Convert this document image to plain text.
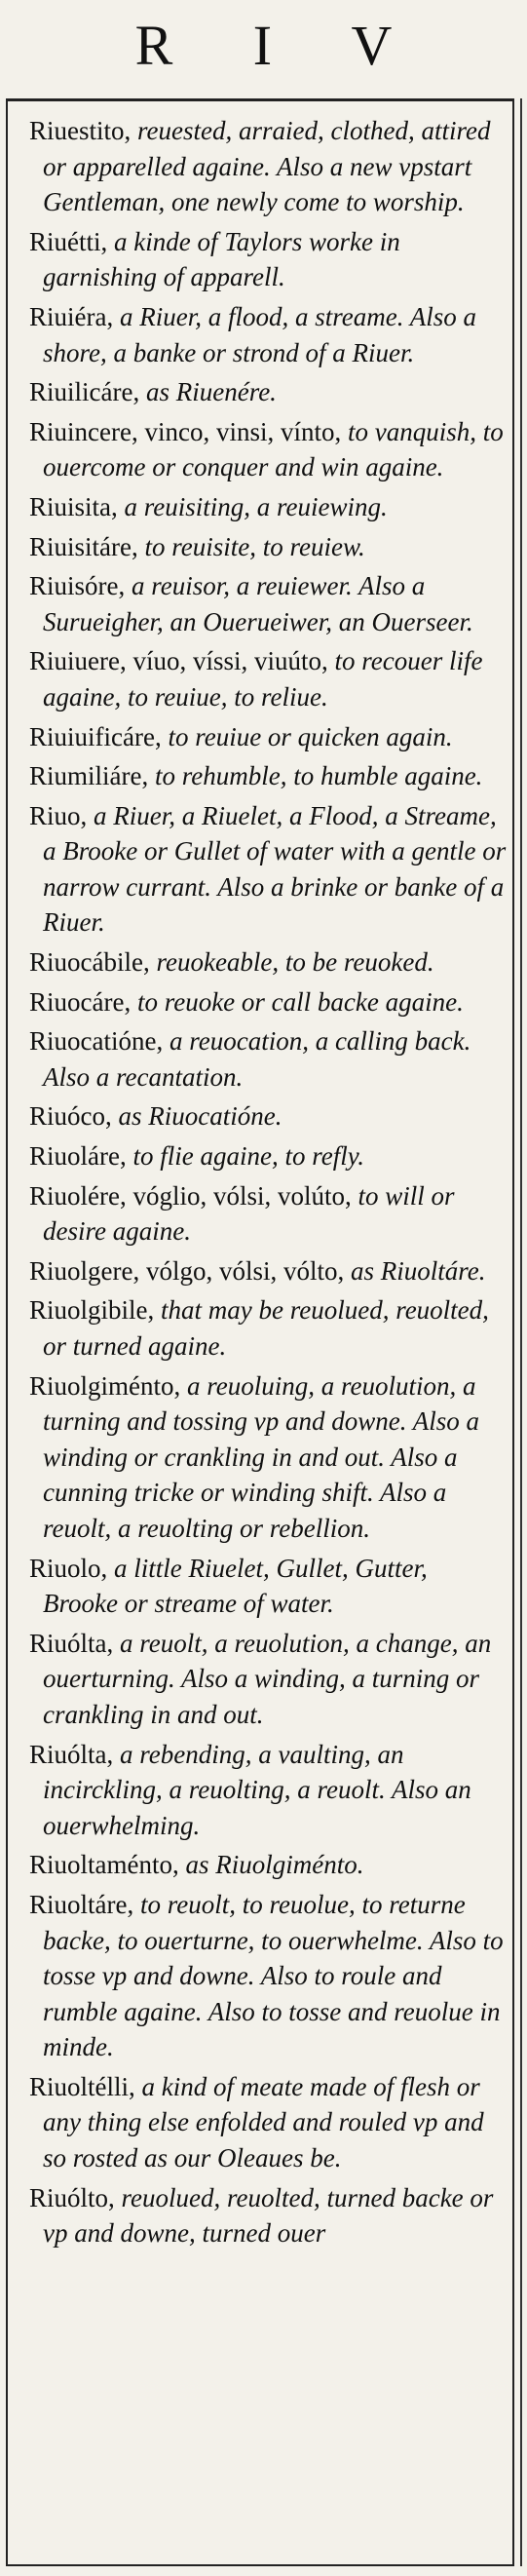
R I V

Riuestito, reuested, arraied, clothed, attired or apparelled againe. Also a new vpstart Gentleman, one newly come to worship.

Riuétti, a kinde of Taylors worke in garnishing of apparell.

Riuiéra, a Riuer, a flood, a streame. Also a shore, a banke or strond of a Riuer.

Riuilicáre, as Riuenére.

Riuincere, vinco, vinsi, vínto, to vanquish, to ouercome or conquer and win againe.

Riuisita, a reuisiting, a reuiewing.

Riuisitáre, to reuisite, to reuiew.

Riuisóre, a reuisor, a reuiewer. Also a Surueigher, an Ouerueiwer, an Ouerseer.

Riuiuere, víuo, víssi, viuúto, to recouer life againe, to reuiue, to reliue.

Riuiuificáre, to reuiue or quicken again.

Riumiliáre, to rehumble, to humble againe.

Riuo, a Riuer, a Riuelet, a Flood, a Streame, a Brooke or Gullet of water with a gentle or narrow currant. Also a brinke or banke of a Riuer.

Riuocábile, reuokeable, to be reuoked.

Riuocáre, to reuoke or call backe againe.

Riuocatióne, a reuocation, a calling back. Also a recantation.

Riuóco, as Riuocatióne.

Riuoláre, to flie againe, to refly.

Riuolére, vóglio, vólsi, volúto, to will or desire againe.

Riuolgere, vólgo, vólsi, vólto, as Riuoltáre.

Riuolgibile, that may be reuolued, reuolted, or turned againe.

Riuolgiménto, a reuoluing, a reuolution, a turning and tossing vp and downe. Also a winding or crankling in and out. Also a cunning tricke or winding shift. Also a reuolt, a reuolting or rebellion.

Riuolo, a little Riuelet, Gullet, Gutter, Brooke or streame of water.

Riuólta, a reuolt, a reuolution, a change, an ouerturning. Also a winding, a turning or crankling in and out.

Riuólta, a rebending, a vaulting, an incirckling, a reuolting, a reuolt. Also an ouerwhelming.

Riuoltaménto, as Riuolgiménto.

Riuoltáre, to reuolt, to reuolue, to returne backe, to ouerturne, to ouerwhelme. Also to tosse vp and downe. Also to roule and rumble againe. Also to tosse and reuolue in minde.

Riuoltélli, a kind of meate made of flesh or any thing else enfolded and rouled vp and so rosted as our Oleaues be.

Riuólto, reuolued, reuolted, turned backe or vp and downe, turned ouer
